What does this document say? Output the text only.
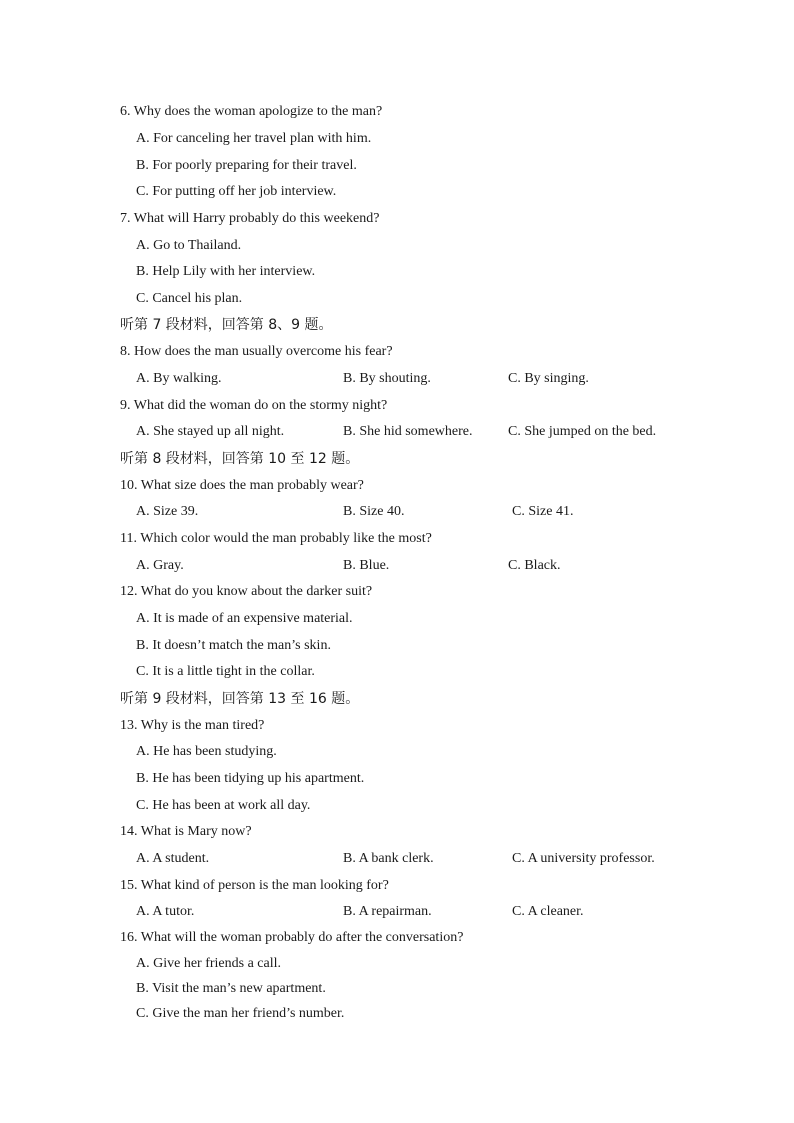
6. Why does the woman apologize to the man?
A. For canceling her travel plan with him.
B. For poorly preparing for their travel.
C. For putting off her job interview.
7. What will Harry probably do this weekend?
A. Go to Thailand.
B. Help Lily with her interview.
C. Cancel his plan.
听第 7 段材料，回答第 8、9 题。
8. How does the man usually overcome his fear?
A. By walking.	B. By shouting.	C. By singing.
9. What did the woman do on the stormy night?
A. She stayed up all night.	B. She hid somewhere.	C. She jumped on the bed.
听第 8 段材料，回答第 10 至 12 题。
10. What size does the man probably wear?
A. Size 39.	B. Size 40.	C. Size 41.
11. Which color would the man probably like the most?
A. Gray.	B. Blue.	C. Black.
12. What do you know about the darker suit?
A. It is made of an expensive material.
B. It doesn’t match the man’s skin.
C. It is a little tight in the collar.
听第 9 段材料，回答第 13 至 16 题。
13. Why is the man tired?
A. He has been studying.
B. He has been tidying up his apartment.
C. He has been at work all day.
14. What is Mary now?
A. A student.	B. A bank clerk.	C. A university professor.
15. What kind of person is the man looking for?
A. A tutor.	B. A repairman.	C. A cleaner.
16. What will the woman probably do after the conversation?
A. Give her friends a call.
B. Visit the man’s new apartment.
C. Give the man her friend’s number.
